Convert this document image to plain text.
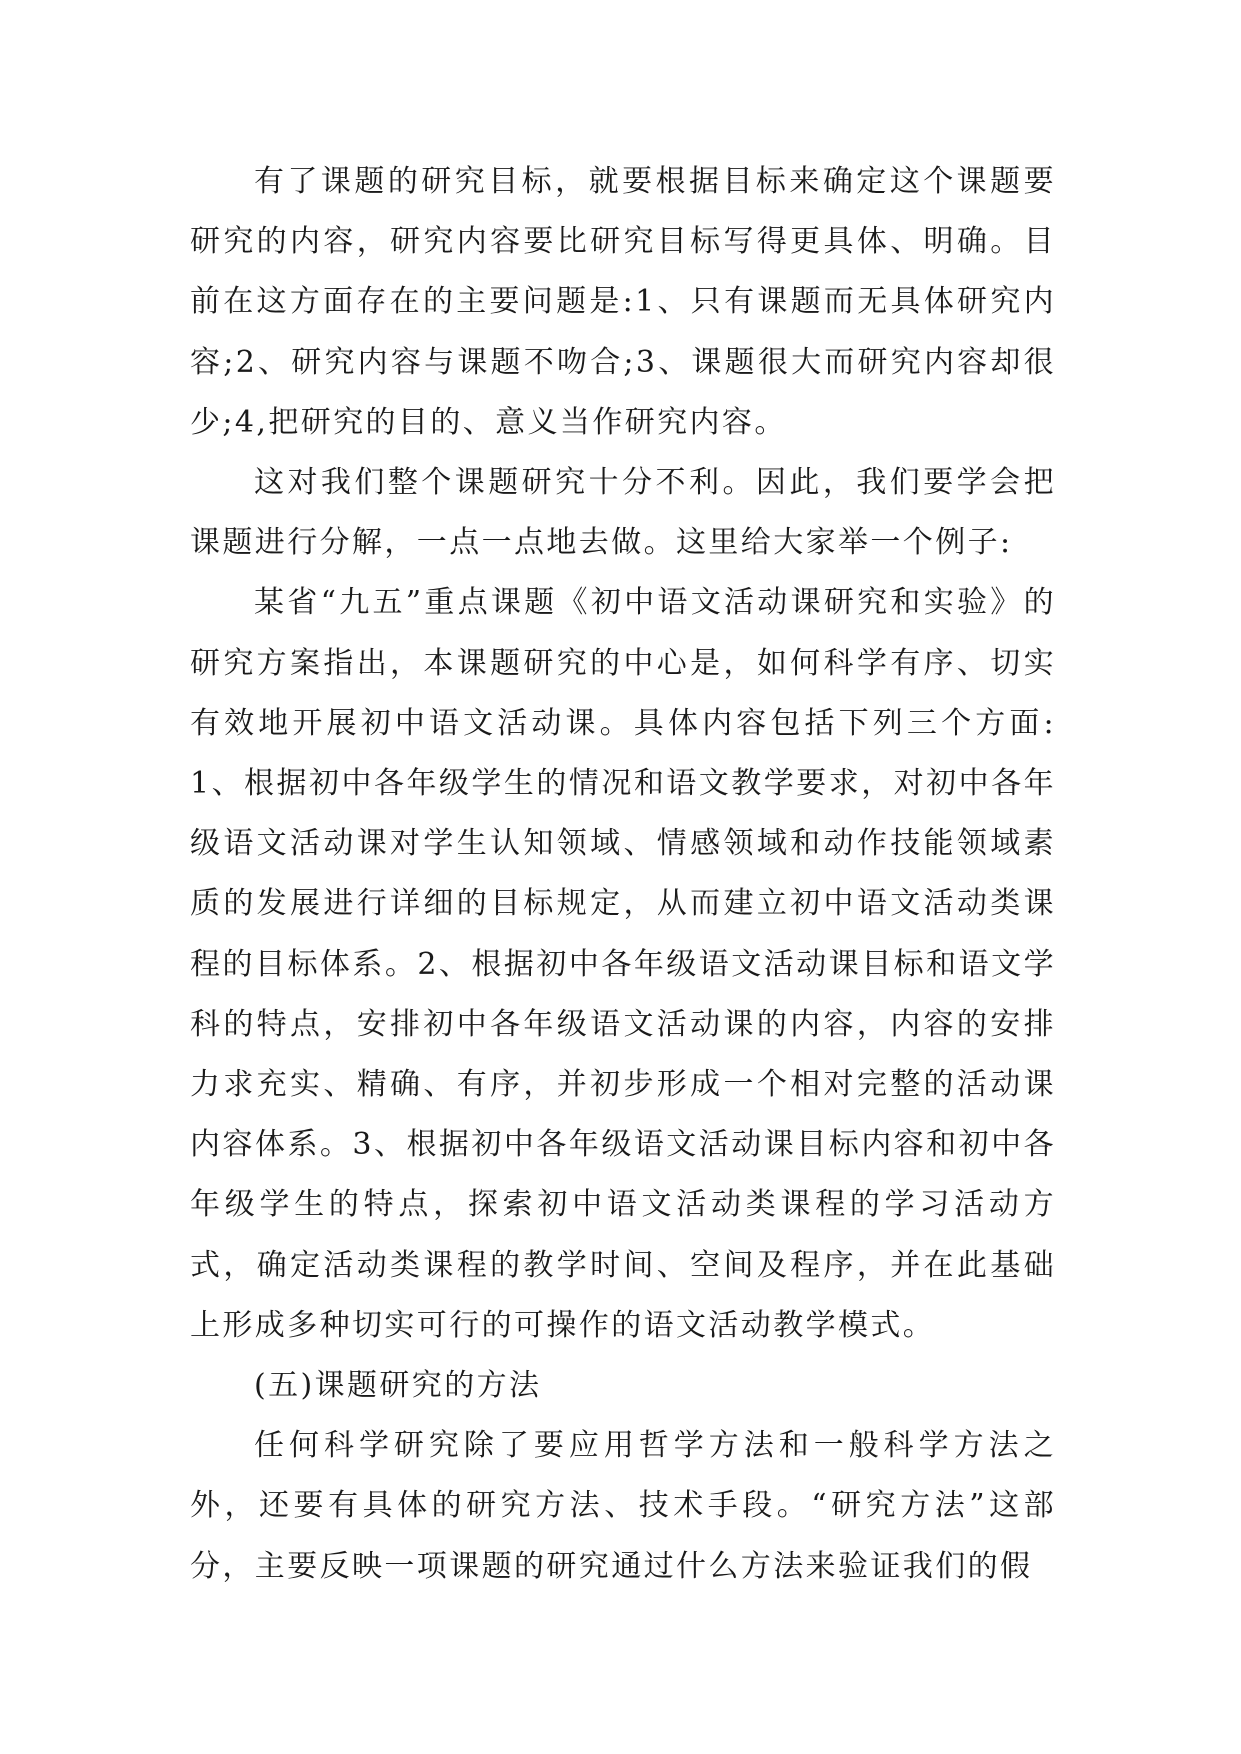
有了课题的研究目标，就要根据目标来确定这个课题要研究的内容，研究内容要比研究目标写得更具体、明确。目前在这方面存在的主要问题是:1、只有课题而无具体研究内容;2、研究内容与课题不吻合;3、课题很大而研究内容却很少;4,把研究的目的、意义当作研究内容。

这对我们整个课题研究十分不利。因此，我们要学会把课题进行分解，一点一点地去做。这里给大家举一个例子:

某省“九五”重点课题《初中语文活动课研究和实验》的研究方案指出，本课题研究的中心是，如何科学有序、切实有效地开展初中语文活动课。具体内容包括下列三个方面:1、根据初中各年级学生的情况和语文教学要求，对初中各年级语文活动课对学生认知领域、情感领域和动作技能领域素质的发展进行详细的目标规定，从而建立初中语文活动类课程的目标体系。2、根据初中各年级语文活动课目标和语文学科的特点，安排初中各年级语文活动课的内容，内容的安排力求充实、精确、有序，并初步形成一个相对完整的活动课内容体系。3、根据初中各年级语文活动课目标内容和初中各年级学生的特点，探索初中语文活动类课程的学习活动方式，确定活动类课程的教学时间、空间及程序，并在此基础上形成多种切实可行的可操作的语文活动教学模式。

(五)课题研究的方法

任何科学研究除了要应用哲学方法和一般科学方法之外，还要有具体的研究方法、技术手段。“研究方法”这部分，主要反映一项课题的研究通过什么方法来验证我们的假
